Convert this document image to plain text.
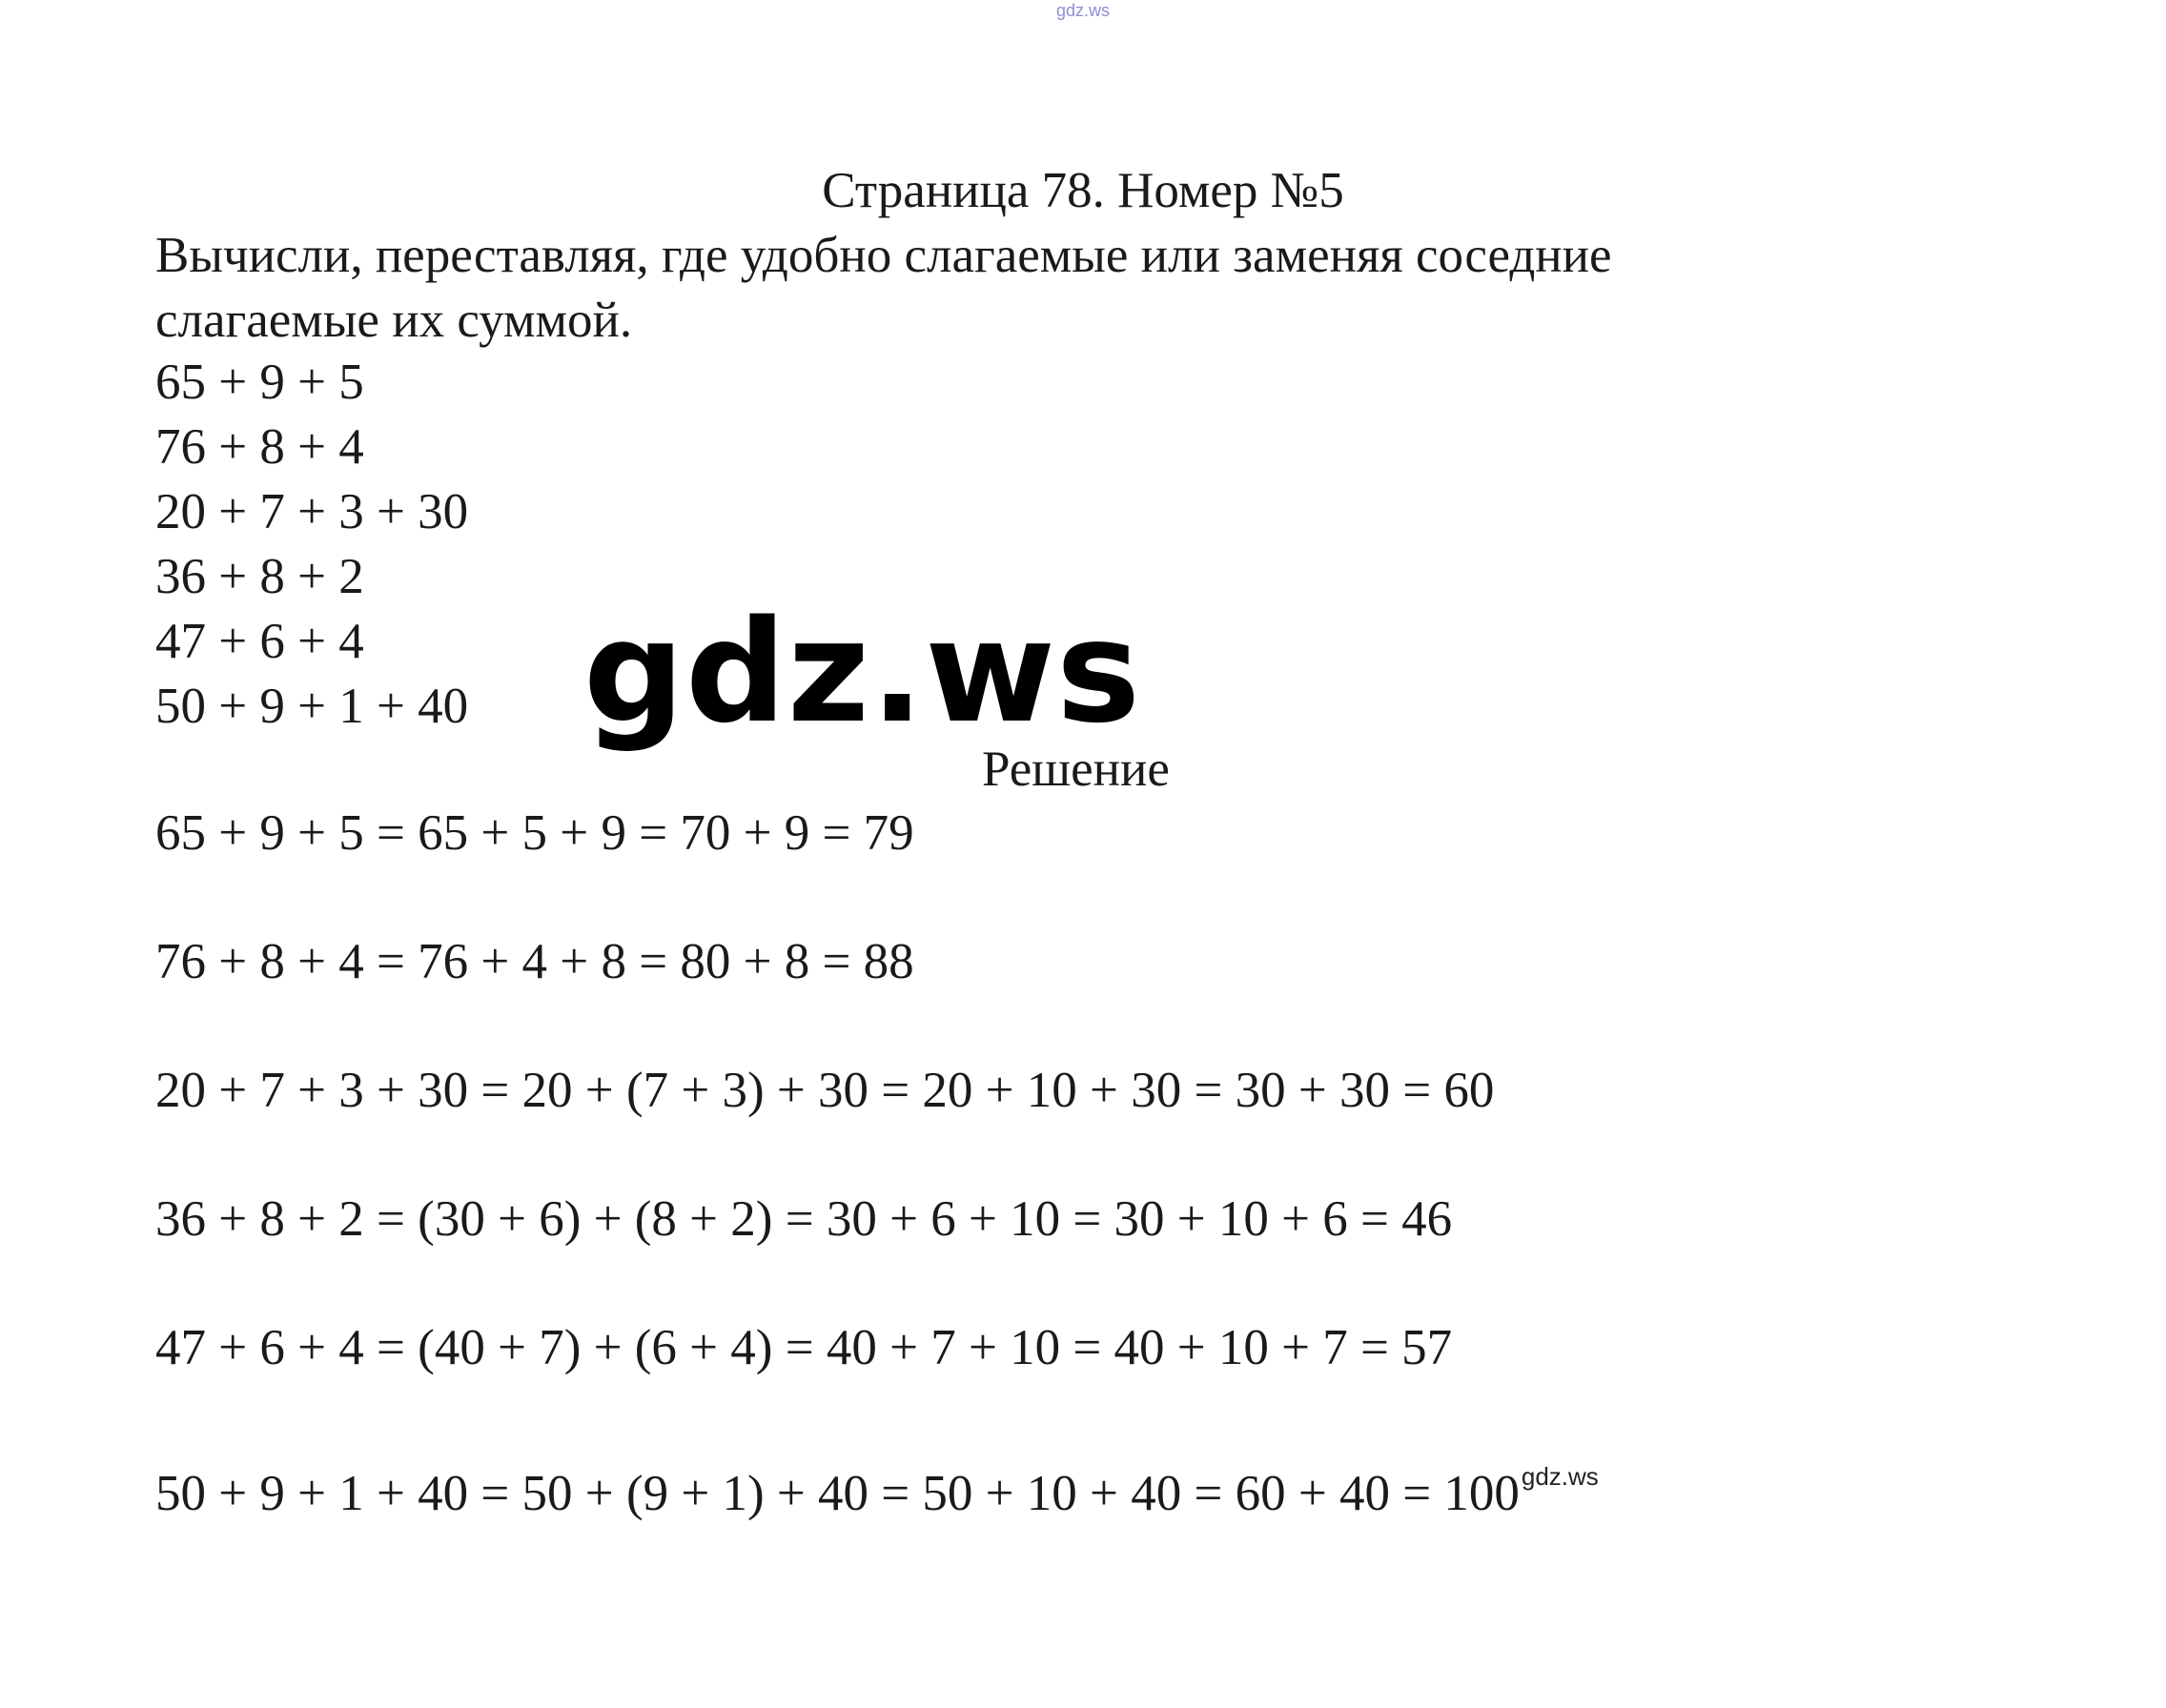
gdz.ws
Страница 78. Номер №5
Вычисли, переставляя, где удобно слагаемые или заменяя соседние
слагаемые их суммой.
65 + 9 + 5
76 + 8 + 4
20 + 7 + 3 + 30
36 + 8 + 2
47 + 6 + 4
50 + 9 + 1 + 40 gdz.ws
Решение
65 + 9 + 5 = 65 + 5 + 9 = 70 + 9 = 79
76 + 8 + 4 = 76 + 4 + 8 = 80 + 8 = 88
20 + 7 + 3 + 30 = 20 + (7 + 3) + 30 = 20 + 10 + 30 = 30 + 30 = 60
36 + 8 + 2 = (30 + 6) + (8 + 2) = 30 + 6 + 10 = 30 + 10 + 6 = 46
47 + 6 + 4 = (40 + 7) + (6 + 4) = 40 + 7 + 10 = 40 + 10 + 7 = 57
$50 + 9 + 1 + 40 = 50 + (9 + 1) + 40 = 50 + 10 + 40 = 60 + 40 = 100^{gdz.ws}$
